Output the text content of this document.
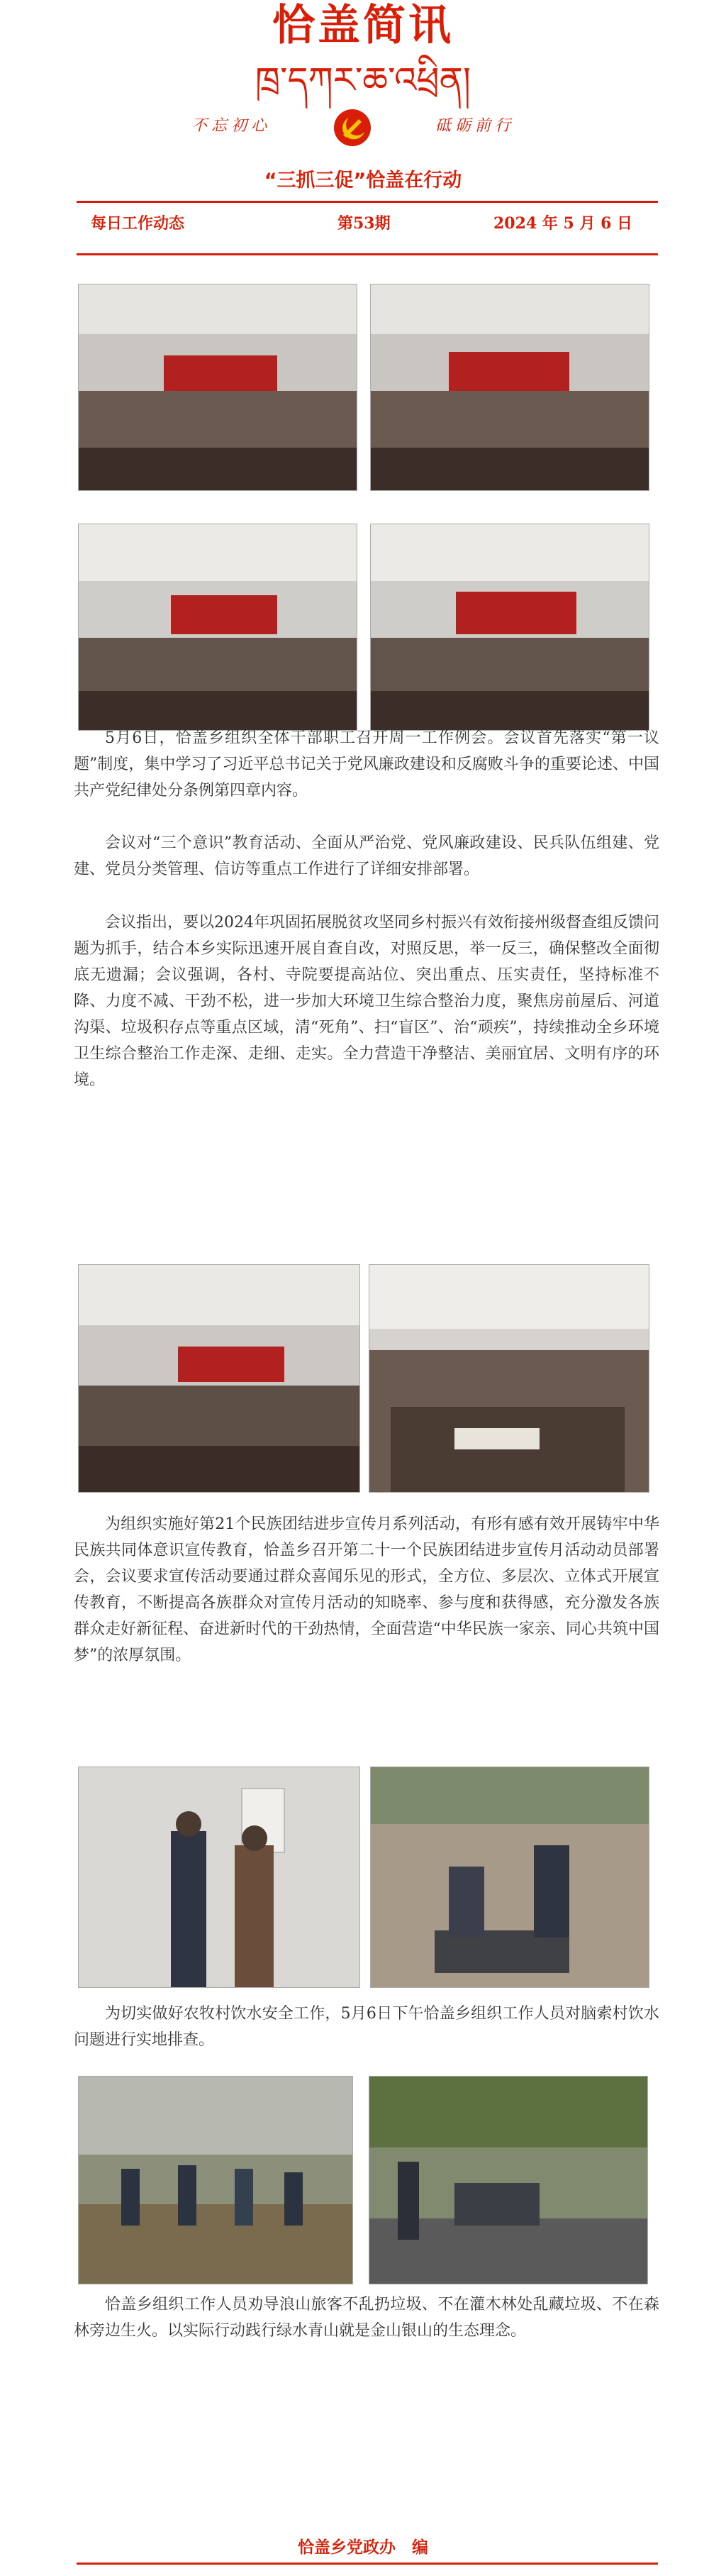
恰盖简讯
ཁྲ་དཀར་ཆ་འཕྲིན།
不忘初心	砥砺前行
“三抓三促”恰盖在行动
每日工作动态	第53期	2024 年 5 月 6 日

5月6日，恰盖乡组织全体干部职工召开周一工作例会。会议首先落实“第一议题”制度，集中学习了习近平总书记关于党风廉政建设和反腐败斗争的重要论述、中国共产党纪律处分条例第四章内容。

会议对“三个意识”教育活动、全面从严治党、党风廉政建设、民兵队伍组建、党建、党员分类管理、信访等重点工作进行了详细安排部署。

会议指出，要以2024年巩固拓展脱贫攻坚同乡村振兴有效衔接州级督查组反馈问题为抓手，结合本乡实际迅速开展自查自改，对照反思，举一反三，确保整改全面彻底无遗漏；会议强调，各村、寺院要提高站位、突出重点、压实责任，坚持标准不降、力度不减、干劲不松，进一步加大环境卫生综合整治力度，聚焦房前屋后、河道沟渠、垃圾积存点等重点区域，清“死角”、扫“盲区”、治“顽疾”，持续推动全乡环境卫生综合整治工作走深、走细、走实。全力营造干净整洁、美丽宜居、文明有序的环境。

为组织实施好第21个民族团结进步宣传月系列活动，有形有感有效开展铸牢中华民族共同体意识宣传教育，恰盖乡召开第二十一个民族团结进步宣传月活动动员部署会，会议要求宣传活动要通过群众喜闻乐见的形式，全方位、多层次、立体式开展宣传教育，不断提高各族群众对宣传月活动的知晓率、参与度和获得感，充分激发各族群众走好新征程、奋进新时代的干劲热情，全面营造“中华民族一家亲、同心共筑中国梦”的浓厚氛围。

为切实做好农牧村饮水安全工作，5月6日下午恰盖乡组织工作人员对脑索村饮水问题进行实地排查。

恰盖乡组织工作人员劝导浪山旅客不乱扔垃圾、不在灌木林处乱藏垃圾、不在森林旁边生火。以实际行动践行绿水青山就是金山银山的生态理念。

恰盖乡党政办　编
